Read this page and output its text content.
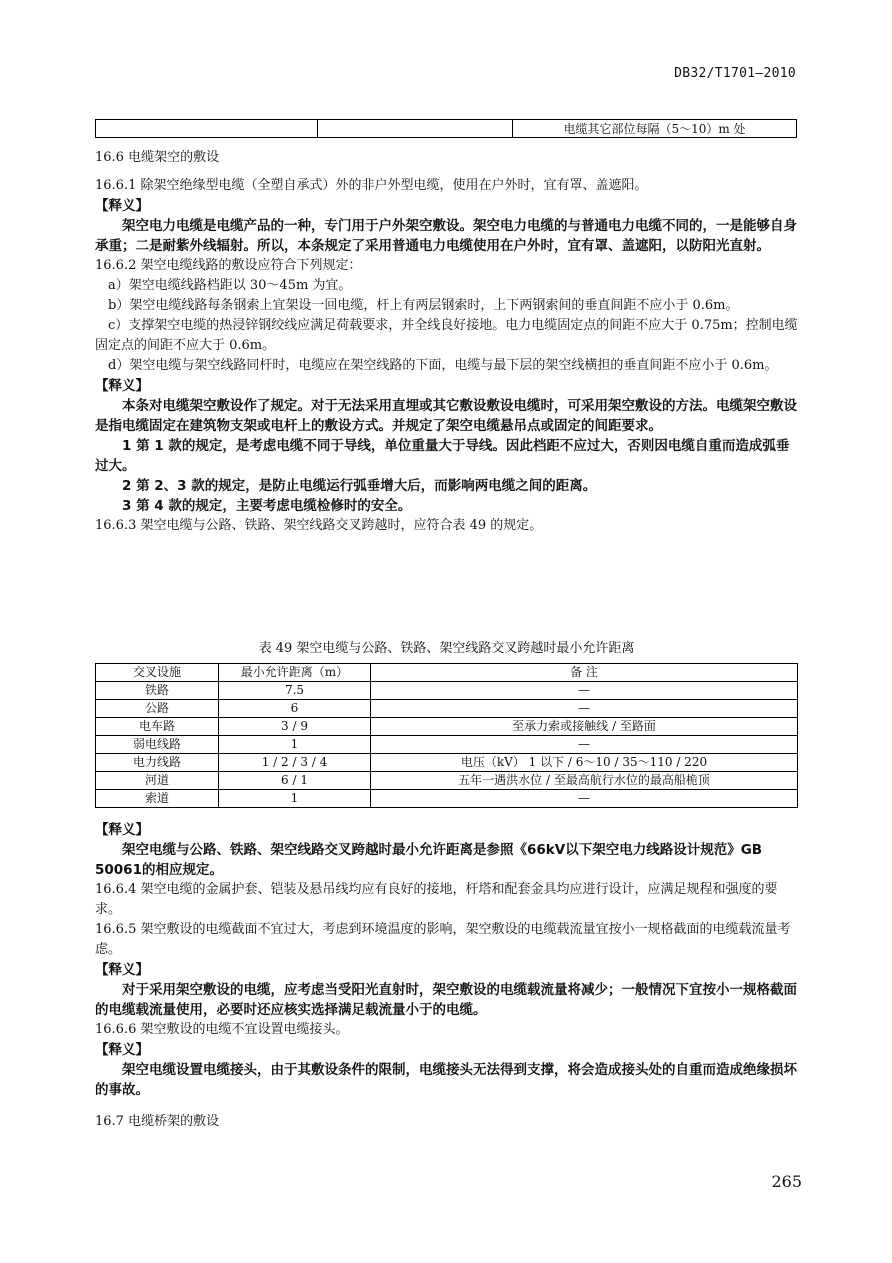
DB32/T1701—2010
		电缆其它部位每隔（5～10）m 处

16.6 电缆架空的敷设

16.6.1 除架空绝缘型电缆（全塑自承式）外的非户外型电缆，使用在户外时，宜有罩、盖遮阳。

【释义】

架空电力电缆是电缆产品的一种，专门用于户外架空敷设。架空电力电缆的与普通电力电缆不同的，一是能够自身承重；二是耐紫外线辐射。所以，本条规定了采用普通电力电缆使用在户外时，宜有罩、盖遮阳，以防阳光直射。

16.6.2 架空电缆线路的敷设应符合下列规定：

a）架空电缆线路档距以 30～45m 为宜。

b）架空电缆线路每条钢索上宜架设一回电缆，杆上有两层钢索时，上下两钢索间的垂直间距不应小于 0.6m。

c）支撑架空电缆的热浸锌钢绞线应满足荷载要求，并全线良好接地。电力电缆固定点的间距不应大于 0.75m；控制电缆固定点的间距不应大于 0.6m。

d）架空电缆与架空线路同杆时，电缆应在架空线路的下面，电缆与最下层的架空线横担的垂直间距不应小于 0.6m。

【释义】

本条对电缆架空敷设作了规定。对于无法采用直埋或其它敷设敷设电缆时，可采用架空敷设的方法。电缆架空敷设是指电缆固定在建筑物支架或电杆上的敷设方式。并规定了架空电缆悬吊点或固定的间距要求。

1 第 1 款的规定，是考虑电缆不同于导线，单位重量大于导线。因此档距不应过大，否则因电缆自重而造成弧垂过大。

2 第 2、3 款的规定，是防止电缆运行弧垂增大后，而影响两电缆之间的距离。

3 第 4 款的规定，主要考虑电缆检修时的安全。

16.6.3 架空电缆与公路、铁路、架空线路交叉跨越时，应符合表 49 的规定。

表 49 架空电缆与公路、铁路、架空线路交叉跨越时最小允许距离
交叉设施	最小允许距离（m）	备 注
铁路	7.5	—
公路	6	—
电车路	3 / 9	至承力索或接触线 / 至路面
弱电线路	1	—
电力线路	1 / 2 / 3 / 4	电压（kV） 1 以下 / 6～10 / 35～110 / 220
河道	6 / 1	五年一遇洪水位 / 至最高航行水位的最高船桅顶
索道	1	—

【释义】

架空电缆与公路、铁路、架空线路交叉跨越时最小允许距离是参照《66kV以下架空电力线路设计规范》GB 50061的相应规定。

16.6.4 架空电缆的金属护套、铠装及悬吊线均应有良好的接地，杆塔和配套金具均应进行设计，应满足规程和强度的要求。

16.6.5 架空敷设的电缆截面不宜过大，考虑到环境温度的影响，架空敷设的电缆载流量宜按小一规格截面的电缆载流量考虑。

【释义】

对于采用架空敷设的电缆，应考虑当受阳光直射时，架空敷设的电缆载流量将减少；一般情况下宜按小一规格截面的电缆载流量使用，必要时还应核实选择满足载流量小于的电缆。

16.6.6 架空敷设的电缆不宜设置电缆接头。

【释义】

架空电缆设置电缆接头，由于其敷设条件的限制，电缆接头无法得到支撑，将会造成接头处的自重而造成绝缘损坏的事故。

16.7 电缆桥架的敷设

265
